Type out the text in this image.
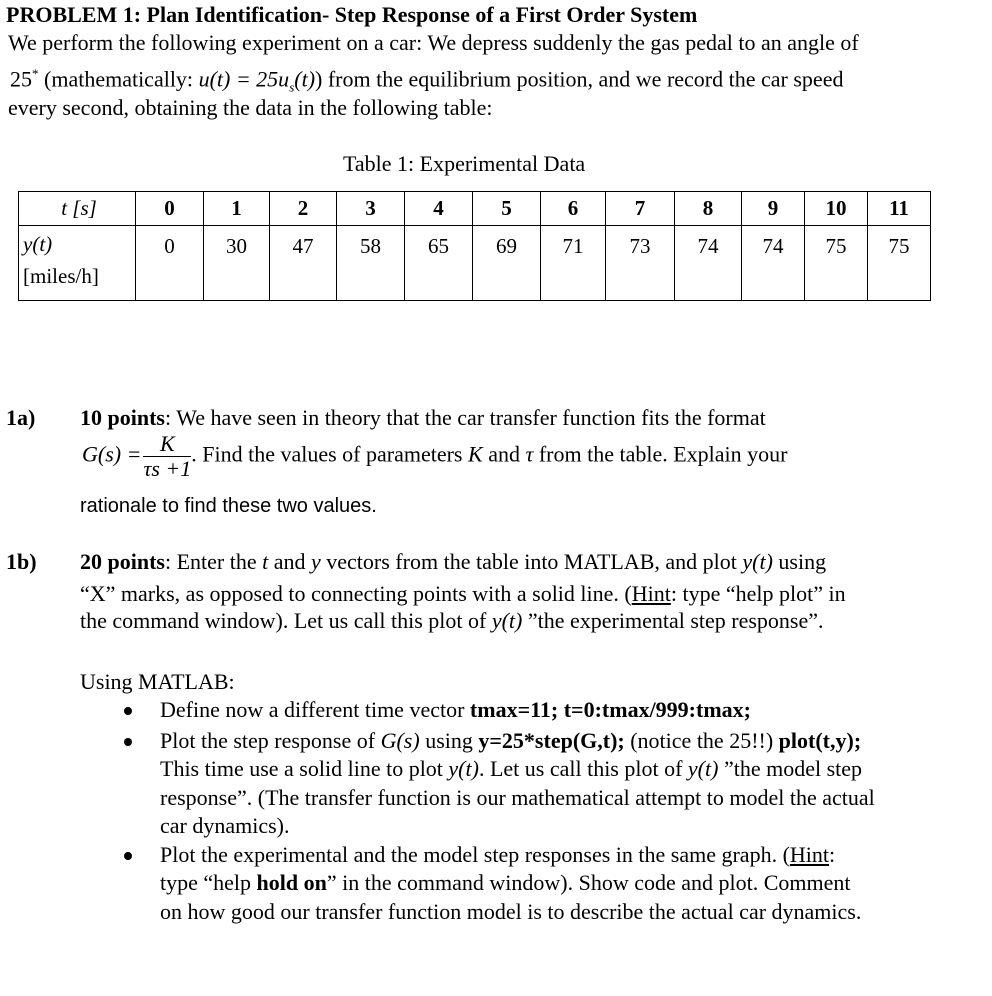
PROBLEM 1: Plan Identification- Step Response of a First Order System
We perform the following experiment on a car: We depress suddenly the gas pedal to an angle of
25* (mathematically: $u(t) = 25u_s(t)$) from the equilibrium position, and we record the car speed
every second, obtaining the data in the following table:
Table 1: Experimental Data
t [s]	0	1	2	3	4	5	6	7	8	9	10	11
y(t)
[miles/h]	0	30	47	58	65	69	71	73	74	74	75	75
1a) 10 points: We have seen in theory that the car transfer function fits the format
$G(s) = \frac{K}{\tau s +1}$ . Find the values of parameters K and τ from the table. Explain your
rationale to find these two values.
1b) 20 points: Enter the t and y vectors from the table into MATLAB, and plot y(t) using
“X” marks, as opposed to connecting points with a solid line. (Hint: type “help plot” in
the command window). Let us call this plot of y(t) ”the experimental step response”.
Using MATLAB:
Define now a different time vector tmax=11; t=0:tmax/999:tmax;
Plot the step response of G(s) using y=25*step(G,t); (notice the 25!!) plot(t,y);
This time use a solid line to plot y(t). Let us call this plot of y(t) ”the model step
response”. (The transfer function is our mathematical attempt to model the actual
car dynamics).
Plot the experimental and the model step responses in the same graph. (Hint:
type “help hold on” in the command window). Show code and plot. Comment
on how good our transfer function model is to describe the actual car dynamics.
